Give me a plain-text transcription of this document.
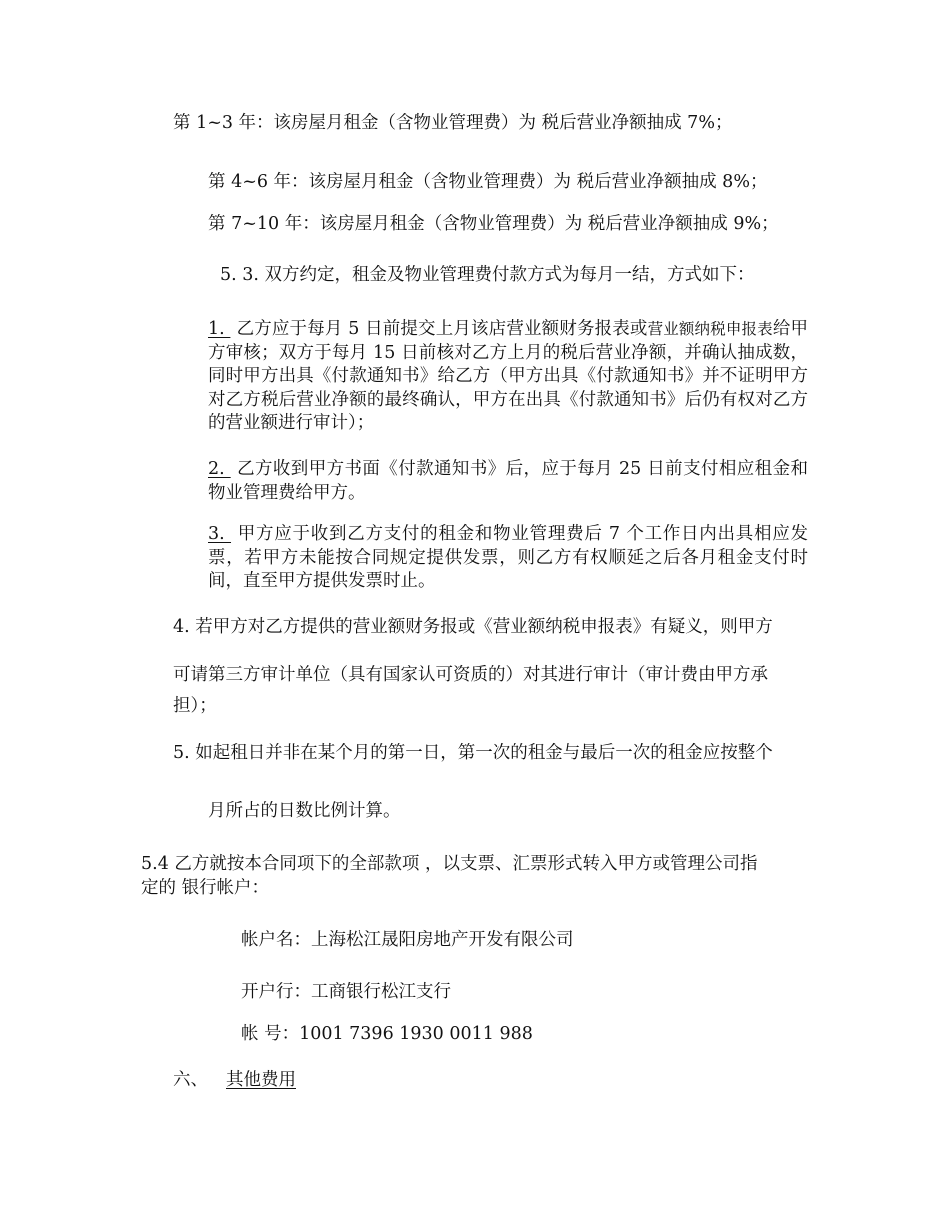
第 1~3 年：该房屋月租金（含物业管理费）为 税后营业净额抽成 7%；
第 4~6 年：该房屋月租金（含物业管理费）为 税后营业净额抽成 8%；
第 7~10 年：该房屋月租金（含物业管理费）为 税后营业净额抽成 9%；
5. 3. 双方约定，租金及物业管理费付款方式为每月一结，方式如下：
1. 乙方应于每月 5 日前提交上月该店营业额财务报表或营业额纳税申报表给甲方审核；双方于每月 15 日前核对乙方上月的税后营业净额，并确认抽成数，同时甲方出具《付款通知书》给乙方（甲方出具《付款通知书》并不证明甲方对乙方税后营业净额的最终确认，甲方在出具《付款通知书》后仍有权对乙方的营业额进行审计）；
2. 乙方收到甲方书面《付款通知书》后，应于每月 25 日前支付相应租金和物业管理费给甲方。
3. 甲方应于收到乙方支付的租金和物业管理费后 7 个工作日内出具相应发票，若甲方未能按合同规定提供发票，则乙方有权顺延之后各月租金支付时间，直至甲方提供发票时止。
4. 若甲方对乙方提供的营业额财务报或《营业额纳税申报表》有疑义，则甲方
可请第三方审计单位（具有国家认可资质的）对其进行审计（审计费由甲方承
担）；
5. 如起租日并非在某个月的第一日，第一次的租金与最后一次的租金应按整个
月所占的日数比例计算。
5.4 乙方就按本合同项下的全部款项 ，以支票、汇票形式转入甲方或管理公司指
定的 银行帐户：
帐户名：上海松江晟阳房地产开发有限公司
开户行：工商银行松江支行
帐 号：1001 7396 1930 0011 988
六、 其他费用
